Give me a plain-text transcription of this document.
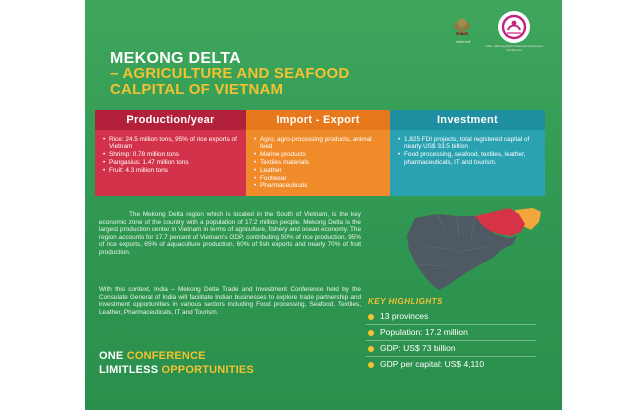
सत्यमेव जयते
India - Mekong Delta Trade and Investment Conference
MEKONG DELTA
– AGRICULTURE AND SEAFOOD
CALPITAL OF VIETNAM
Production/year
• Rice: 24.5 million tons, 95% of rice exports of Vietnam
• Shrimp: 0.78 million tons
• Pangasius: 1.47 million tons
• Fruit: 4.3 million tons
Import - Export
• Agro, agro-processing products, animal feed
• Marine products
• Textiles materials
• Leather
• Footwear
• Pharmaceuticals
Investment
• 1,825 FDI projects, total registered capital of nearly US$ 33.5 billion
• Food processing, seafood, textiles, leather, pharmaceuticals, IT and tourism.

The Mekong Delta region which is located in the South of Vietnam, is the key economic zone of the country with a population of 17.2 million people. Mekong Delta is the largest production center in Vietnam in terms of agriculture, fishery and ocean economy. The region accounts for 17.7 percent of Vietnam's GDP, contributing 50% of rice production, 95% of rice exports, 65% of aquaculture production, 60% of fish exports and nearly 70% of fruit production.

With this context, India – Mekong Delta Trade and Investment Conference held by the Consulate General of India will facilitate Indian businesses to explore trade partnership and investment opportunities in various sectors including Food processing, Seafood, Textiles, Leather, Pharmaceuticals, IT and Tourism.

ONE CONFERENCE
LIMITLESS OPPORTUNITIES
KEY HIGHLIGHTS
13 provinces
Population: 17.2 million
GDP: US$ 73 billion
GDP per capital: US$ 4,110
